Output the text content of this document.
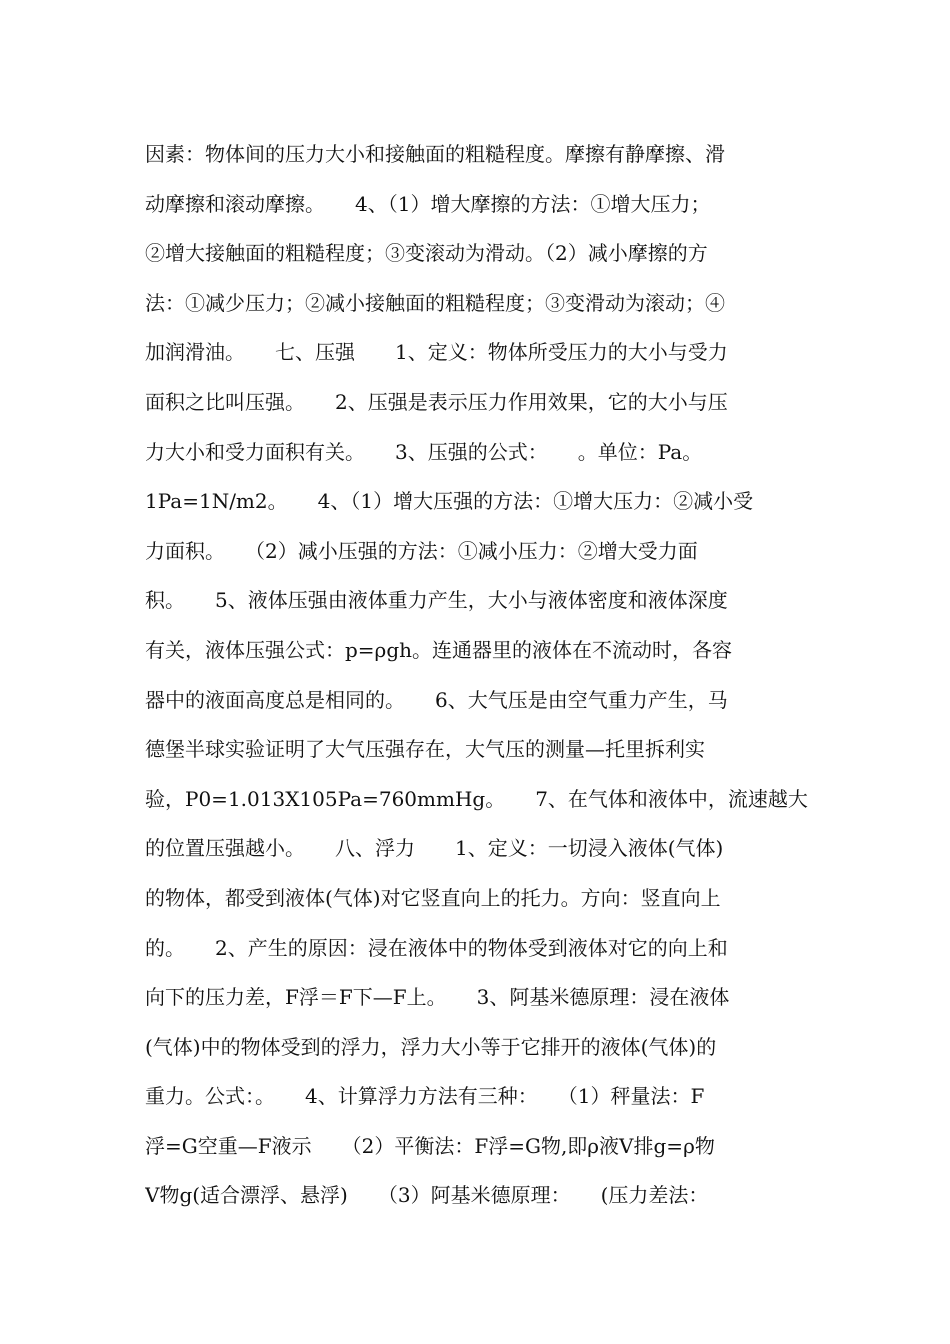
因素：物体间的压力大小和接触面的粗糙程度。摩擦有静摩擦、滑
动摩擦和滚动摩擦。　　4、（1）增大摩擦的方法：①增大压力；
②增大接触面的粗糙程度；③变滚动为滑动。（2）减小摩擦的方
法：①减少压力；②减小接触面的粗糙程度；③变滑动为滚动；④
加润滑油。　　七、压强　　1、定义：物体所受压力的大小与受力
面积之比叫压强。　　2、压强是表示压力作用效果，它的大小与压
力大小和受力面积有关。　　3、压强的公式：　　。单位：Pa。
1Pa=1N/m2。　　4、（1）增大压强的方法：①增大压力：②减小受
力面积。　　（2）减小压强的方法：①减小压力：②增大受力面
积。　　5、液体压强由液体重力产生，大小与液体密度和液体深度
有关，液体压强公式：p=ρgh。连通器里的液体在不流动时，各容
器中的液面高度总是相同的。　　6、大气压是由空气重力产生，马
德堡半球实验证明了大气压强存在，大气压的测量—托里拆利实
验，P0=1.013X105Pa=760mmHg。　　7、在气体和液体中，流速越大
的位置压强越小。　　八、浮力　　1、定义：一切浸入液体(气体)
的物体，都受到液体(气体)对它竖直向上的托力。方向：竖直向上
的。　　2、产生的原因：浸在液体中的物体受到液体对它的向上和
向下的压力差，F浮＝F下—F上。　　3、阿基米德原理：浸在液体
(气体)中的物体受到的浮力，浮力大小等于它排开的液体(气体)的
重力。公式：。　　4、计算浮力方法有三种：　　（1）秤量法：F
浮=G空重—F液示　　（2）平衡法：F浮=G物,即ρ液V排g=ρ物
V物g(适合漂浮、悬浮)　　（3）阿基米德原理：　　(压力差法：
